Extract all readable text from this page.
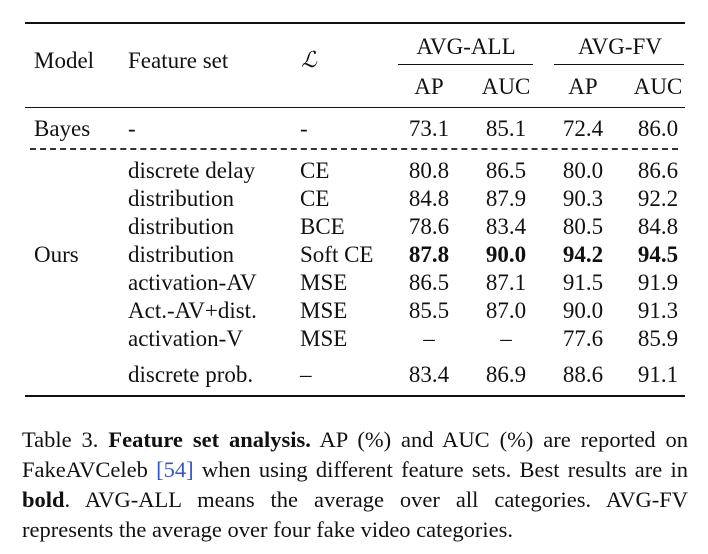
Model Feature set	ℒ
AVG-ALL	AVG-FV
AP AUC AP AUC
Bayes -	-	73.1 85.1 72.4 86.0
Ours
discrete delay CE	80.8 86.5 80.0 86.6
distribution	CE	84.8 87.9 90.3 92.2
distribution	BCE	78.6 83.4 80.5 84.8
distribution	Soft CE 87.8 90.0 94.2 94.5
activation-AV MSE	86.5 87.1 91.5 91.9
Act.-AV+dist. MSE	85.5 87.0 90.0 91.3
activation-V MSE	–	– 77.6 85.9
discrete prob. –	83.4 86.9 88.6 91.1
Table 3. Feature set analysis. AP (%) and AUC (%) are reported on FakeAVCeleb [54] when using different feature sets. Best results are in bold. AVG-ALL means the average over all categories. AVG-FV represents the average over four fake video categories.
